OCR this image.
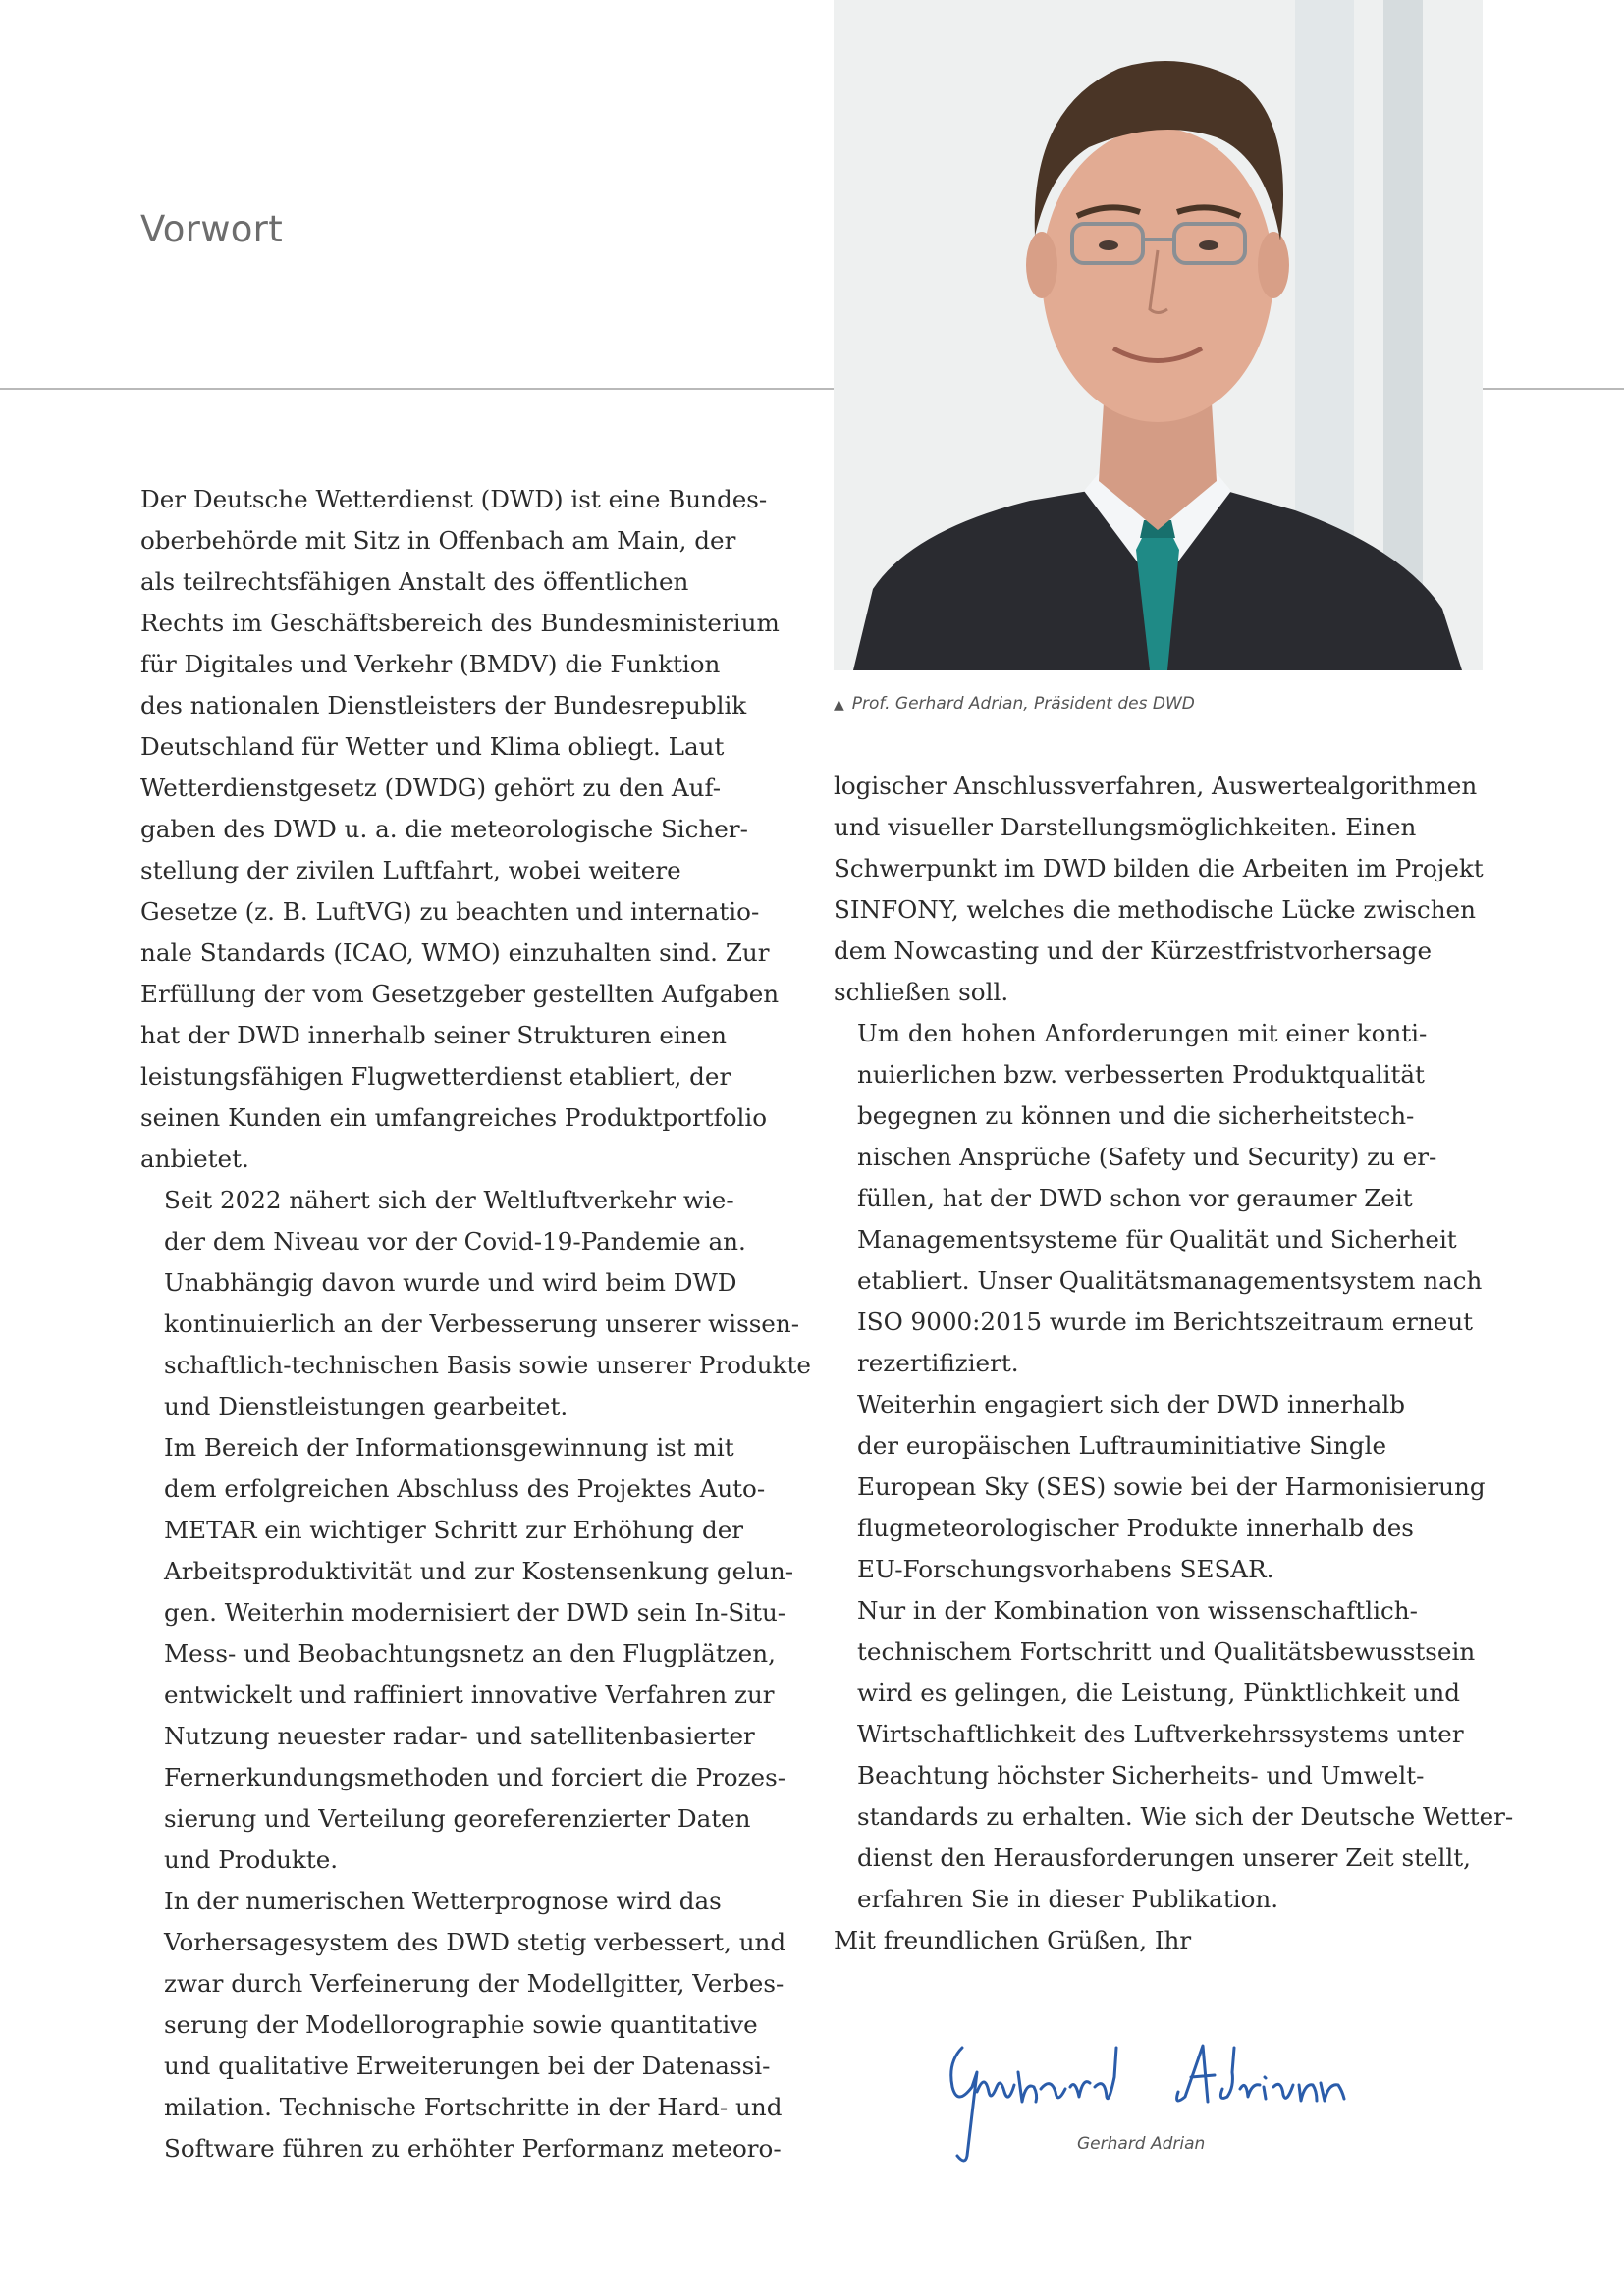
Vorwort
▲ Prof. Gerhard Adrian, Präsident des DWD

Der Deutsche Wetterdienst (DWD) ist eine Bundes-
oberbehörde mit Sitz in Offenbach am Main, der
als teilrechtsfähigen Anstalt des öffentlichen
Rechts im Geschäftsbereich des Bundesministerium
für Digitales und Verkehr (BMDV) die Funktion
des nationalen Dienstleisters der Bundesrepublik
Deutschland für Wetter und Klima obliegt. Laut
Wetterdienstgesetz (DWDG) gehört zu den Auf-
gaben des DWD u. a. die meteorologische Sicher-
stellung der zivilen Luftfahrt, wobei weitere
Gesetze (z. B. LuftVG) zu beachten und internatio-
nale Standards (ICAO, WMO) einzuhalten sind. Zur
Erfüllung der vom Gesetzgeber gestellten Aufgaben
hat der DWD innerhalb seiner Strukturen einen
leistungsfähigen Flugwetterdienst etabliert, der
seinen Kunden ein umfangreiches Produktportfolio
anbietet.

Seit 2022 nähert sich der Weltluftverkehr wie-
der dem Niveau vor der Covid-19-Pandemie an.
Unabhängig davon wurde und wird beim DWD
kontinuierlich an der Verbesserung unserer wissen-
schaftlich-technischen Basis sowie unserer Produkte
und Dienstleistungen gearbeitet.

Im Bereich der Informationsgewinnung ist mit
dem erfolgreichen Abschluss des Projektes Auto-
METAR ein wichtiger Schritt zur Erhöhung der
Arbeitsproduktivität und zur Kostensenkung gelun-
gen. Weiterhin modernisiert der DWD sein In-Situ-
Mess- und Beobachtungsnetz an den Flugplätzen,
entwickelt und raffiniert innovative Verfahren zur
Nutzung neuester radar- und satellitenbasierter
Fernerkundungsmethoden und forciert die Prozes-
sierung und Verteilung georeferenzierter Daten
und Produkte.

In der numerischen Wetterprognose wird das
Vorhersagesystem des DWD stetig verbessert, und
zwar durch Verfeinerung der Modellgitter, Verbes-
serung der Modellorographie sowie quantitative
und qualitative Erweiterungen bei der Datenassi-
milation. Technische Fortschritte in der Hard- und
Software führen zu erhöhter Performanz meteoro-

logischer Anschlussverfahren, Auswertealgorithmen
und visueller Darstellungsmöglichkeiten. Einen
Schwerpunkt im DWD bilden die Arbeiten im Projekt
SINFONY, welches die methodische Lücke zwischen
dem Nowcasting und der Kürzestfristvorhersage
schließen soll.

Um den hohen Anforderungen mit einer konti-
nuierlichen bzw. verbesserten Produktqualität
begegnen zu können und die sicherheitstech-
nischen Ansprüche (Safety und Security) zu er-
füllen, hat der DWD schon vor geraumer Zeit
Managementsysteme für Qualität und Sicherheit
etabliert. Unser Qualitätsmanagementsystem nach
ISO 9000:2015 wurde im Berichtszeitraum erneut
rezertifiziert.

Weiterhin engagiert sich der DWD innerhalb
der europäischen Luftrauminitiative Single
European Sky (SES) sowie bei der Harmonisierung
flugmeteorologischer Produkte innerhalb des
EU-Forschungsvorhabens SESAR.

Nur in der Kombination von wissenschaftlich-
technischem Fortschritt und Qualitätsbewusstsein
wird es gelingen, die Leistung, Pünktlichkeit und
Wirtschaftlichkeit des Luftverkehrssystems unter
Beachtung höchster Sicherheits- und Umwelt-
standards zu erhalten. Wie sich der Deutsche Wetter-
dienst den Herausforderungen unserer Zeit stellt,
erfahren Sie in dieser Publikation.

Mit freundlichen Grüßen, Ihr

Gerhard Adrian
